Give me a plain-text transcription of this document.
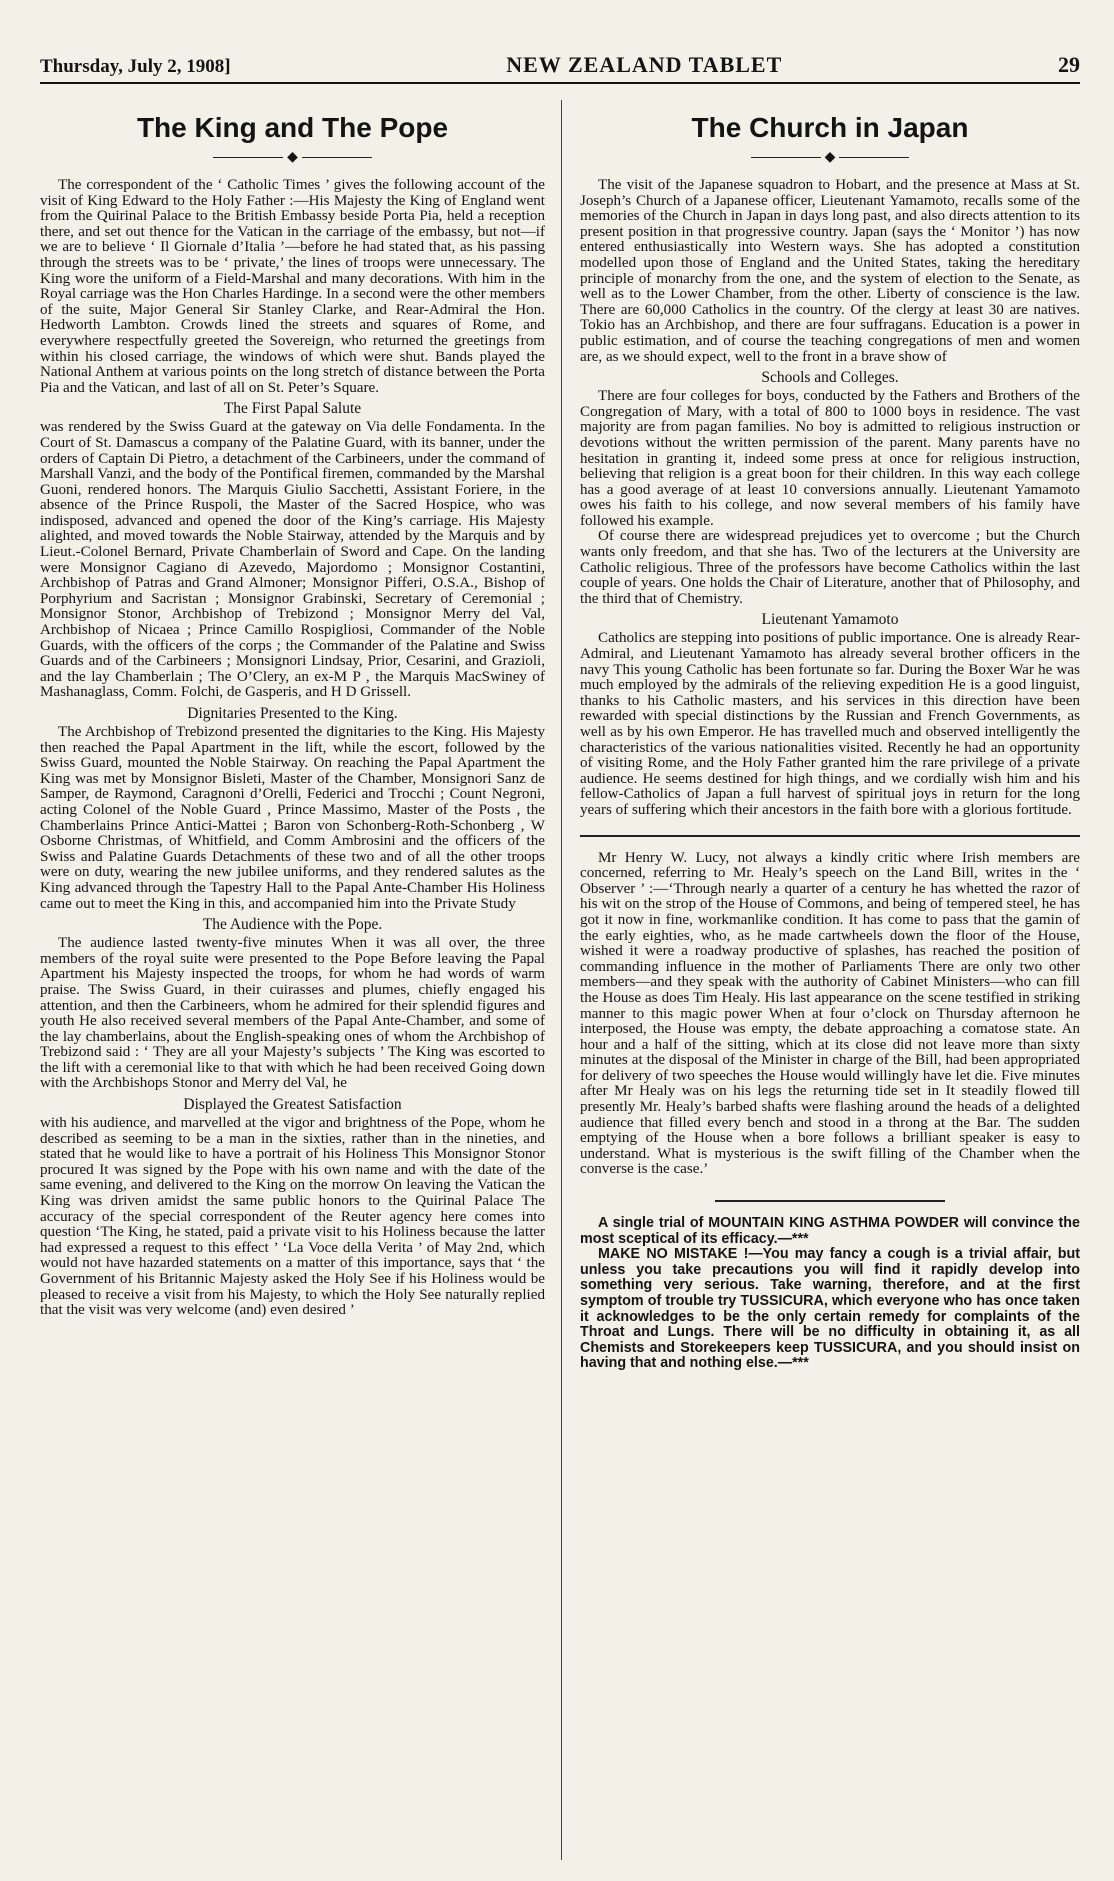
Thursday, July 2, 1908]	NEW ZEALAND TABLET	29
The King and The Pope
◆

The correspondent of the ‘ Catholic Times ’ gives the following account of the visit of King Edward to the Holy Father :—His Majesty the King of England went from the Quirinal Palace to the British Embassy beside Porta Pia, held a reception there, and set out thence for the Vatican in the carriage of the embassy, but not—if we are to believe ‘ Il Giornale d’Italia ’—before he had stated that, as his passing through the streets was to be ‘ private,’ the lines of troops were unnecessary. The King wore the uniform of a Field-Marshal and many decorations. With him in the Royal carriage was the Hon Charles Hardinge. In a second were the other members of the suite, Major General Sir Stanley Clarke, and Rear-Admiral the Hon. Hedworth Lambton. Crowds lined the streets and squares of Rome, and everywhere respectfully greeted the Sovereign, who returned the greetings from within his closed carriage, the windows of which were shut. Bands played the National Anthem at various points on the long stretch of distance between the Porta Pia and the Vatican, and last of all on St. Peter’s Square.

The First Papal Salute

was rendered by the Swiss Guard at the gateway on Via delle Fondamenta. In the Court of St. Damascus a company of the Palatine Guard, with its banner, under the orders of Captain Di Pietro, a detachment of the Carbineers, under the command of Marshall Vanzi, and the body of the Pontifical firemen, commanded by the Marshal Guoni, rendered honors. The Marquis Giulio Sacchetti, Assistant Foriere, in the absence of the Prince Ruspoli, the Master of the Sacred Hospice, who was indisposed, advanced and opened the door of the King’s carriage. His Majesty alighted, and moved towards the Noble Stairway, attended by the Marquis and by Lieut.-Colonel Bernard, Private Chamberlain of Sword and Cape. On the landing were Monsignor Cagiano di Azevedo, Majordomo ; Monsignor Costantini, Archbishop of Patras and Grand Almoner; Monsignor Pifferi, O.S.A., Bishop of Porphyrium and Sacristan ; Monsignor Grabinski, Secretary of Ceremonial ; Monsignor Stonor, Archbishop of Trebizond ; Monsignor Merry del Val, Archbishop of Nicaea ; Prince Camillo Rospigliosi, Commander of the Noble Guards, with the officers of the corps ; the Commander of the Palatine and Swiss Guards and of the Carbineers ; Monsignori Lindsay, Prior, Cesarini, and Grazioli, and the lay Chamberlain ; The O’Clery, an ex-M P , the Marquis MacSwiney of Mashanaglass, Comm. Folchi, de Gasperis, and H D Grissell.

Dignitaries Presented to the King.

The Archbishop of Trebizond presented the dignitaries to the King. His Majesty then reached the Papal Apartment in the lift, while the escort, followed by the Swiss Guard, mounted the Noble Stairway. On reaching the Papal Apartment the King was met by Monsignor Bisleti, Master of the Chamber, Monsignori Sanz de Samper, de Raymond, Caragnoni d’Orelli, Federici and Trocchi ; Count Negroni, acting Colonel of the Noble Guard , Prince Massimo, Master of the Posts , the Chamberlains Prince Antici-Mattei ; Baron von Schonberg-Roth-Schonberg , W Osborne Christmas, of Whitfield, and Comm Ambrosini and the officers of the Swiss and Palatine Guards Detachments of these two and of all the other troops were on duty, wearing the new jubilee uniforms, and they rendered salutes as the King advanced through the Tapestry Hall to the Papal Ante-Chamber His Holiness came out to meet the King in this, and accompanied him into the Private Study

The Audience with the Pope.

The audience lasted twenty-five minutes When it was all over, the three members of the royal suite were presented to the Pope Before leaving the Papal Apartment his Majesty inspected the troops, for whom he had words of warm praise. The Swiss Guard, in their cuirasses and plumes, chiefly engaged his attention, and then the Carbineers, whom he admired for their splendid figures and youth He also received several members of the Papal Ante-Chamber, and some of the lay chamberlains, about the English-speaking ones of whom the Archbishop of Trebizond said : ‘ They are all your Majesty’s subjects ’ The King was escorted to the lift with a ceremonial like to that with which he had been received Going down with the Archbishops Stonor and Merry del Val, he

Displayed the Greatest Satisfaction

with his audience, and marvelled at the vigor and brightness of the Pope, whom he described as seeming to be a man in the sixties, rather than in the nineties, and stated that he would like to have a portrait of his Holiness This Monsignor Stonor procured It was signed by the Pope with his own name and with the date of the same evening, and delivered to the King on the morrow On leaving the Vatican the King was driven amidst the same public honors to the Quirinal Palace The accuracy of the special correspondent of the Reuter agency here comes into question ‘The King, he stated, paid a private visit to his Holiness because the latter had expressed a request to this effect ’ ‘La Voce della Verita ’ of May 2nd, which would not have hazarded statements on a matter of this importance, says that ‘ the Government of his Britannic Majesty asked the Holy See if his Holiness would be pleased to receive a visit from his Majesty, to which the Holy See naturally replied that the visit was very welcome (and) even desired ’

The Church in Japan
◆

The visit of the Japanese squadron to Hobart, and the presence at Mass at St. Joseph’s Church of a Japanese officer, Lieutenant Yamamoto, recalls some of the memories of the Church in Japan in days long past, and also directs attention to its present position in that progressive country. Japan (says the ‘ Monitor ’) has now entered enthusiastically into Western ways. She has adopted a constitution modelled upon those of England and the United States, taking the hereditary principle of monarchy from the one, and the system of election to the Senate, as well as to the Lower Chamber, from the other. Liberty of conscience is the law. There are 60,000 Catholics in the country. Of the clergy at least 30 are natives. Tokio has an Archbishop, and there are four suffragans. Education is a power in public estimation, and of course the teaching congregations of men and women are, as we should expect, well to the front in a brave show of

Schools and Colleges.

There are four colleges for boys, conducted by the Fathers and Brothers of the Congregation of Mary, with a total of 800 to 1000 boys in residence. The vast majority are from pagan families. No boy is admitted to religious instruction or devotions without the written permission of the parent. Many parents have no hesitation in granting it, indeed some press at once for religious instruction, believing that religion is a great boon for their children. In this way each college has a good average of at least 10 conversions annually. Lieutenant Yamamoto owes his faith to his college, and now several members of his family have followed his example.

Of course there are widespread prejudices yet to overcome ; but the Church wants only freedom, and that she has. Two of the lecturers at the University are Catholic religious. Three of the professors have become Catholics within the last couple of years. One holds the Chair of Literature, another that of Philosophy, and the third that of Chemistry.

Lieutenant Yamamoto

Catholics are stepping into positions of public importance. One is already Rear-Admiral, and Lieutenant Yamamoto has already several brother officers in the navy This young Catholic has been fortunate so far. During the Boxer War he was much employed by the admirals of the relieving expedition He is a good linguist, thanks to his Catholic masters, and his services in this direction have been rewarded with special distinctions by the Russian and French Governments, as well as by his own Emperor. He has travelled much and observed intelligently the characteristics of the various nationalities visited. Recently he had an opportunity of visiting Rome, and the Holy Father granted him the rare privilege of a private audience. He seems destined for high things, and we cordially wish him and his fellow-Catholics of Japan a full harvest of spiritual joys in return for the long years of suffering which their ancestors in the faith bore with a glorious fortitude.

Mr Henry W. Lucy, not always a kindly critic where Irish members are concerned, referring to Mr. Healy’s speech on the Land Bill, writes in the ‘ Observer ’ :—‘Through nearly a quarter of a century he has whetted the razor of his wit on the strop of the House of Commons, and being of tempered steel, he has got it now in fine, workmanlike condition. It has come to pass that the gamin of the early eighties, who, as he made cartwheels down the floor of the House, wished it were a roadway productive of splashes, has reached the position of commanding influence in the mother of Parliaments There are only two other members—and they speak with the authority of Cabinet Ministers—who can fill the House as does Tim Healy. His last appearance on the scene testified in striking manner to this magic power When at four o’clock on Thursday afternoon he interposed, the House was empty, the debate approaching a comatose state. An hour and a half of the sitting, which at its close did not leave more than sixty minutes at the disposal of the Minister in charge of the Bill, had been appropriated for delivery of two speeches the House would willingly have let die. Five minutes after Mr Healy was on his legs the returning tide set in It steadily flowed till presently Mr. Healy’s barbed shafts were flashing around the heads of a delighted audience that filled every bench and stood in a throng at the Bar. The sudden emptying of the House when a bore follows a brilliant speaker is easy to understand. What is mysterious is the swift filling of the Chamber when the converse is the case.’

A single trial of MOUNTAIN KING ASTHMA POWDER will convince the most sceptical of its efficacy.—***

MAKE NO MISTAKE !—You may fancy a cough is a trivial affair, but unless you take precautions you will find it rapidly develop into something very serious. Take warning, therefore, and at the first symptom of trouble try TUSSICURA, which everyone who has once taken it acknowledges to be the only certain remedy for complaints of the Throat and Lungs. There will be no difficulty in obtaining it, as all Chemists and Storekeepers keep TUSSICURA, and you should insist on having that and nothing else.—***
